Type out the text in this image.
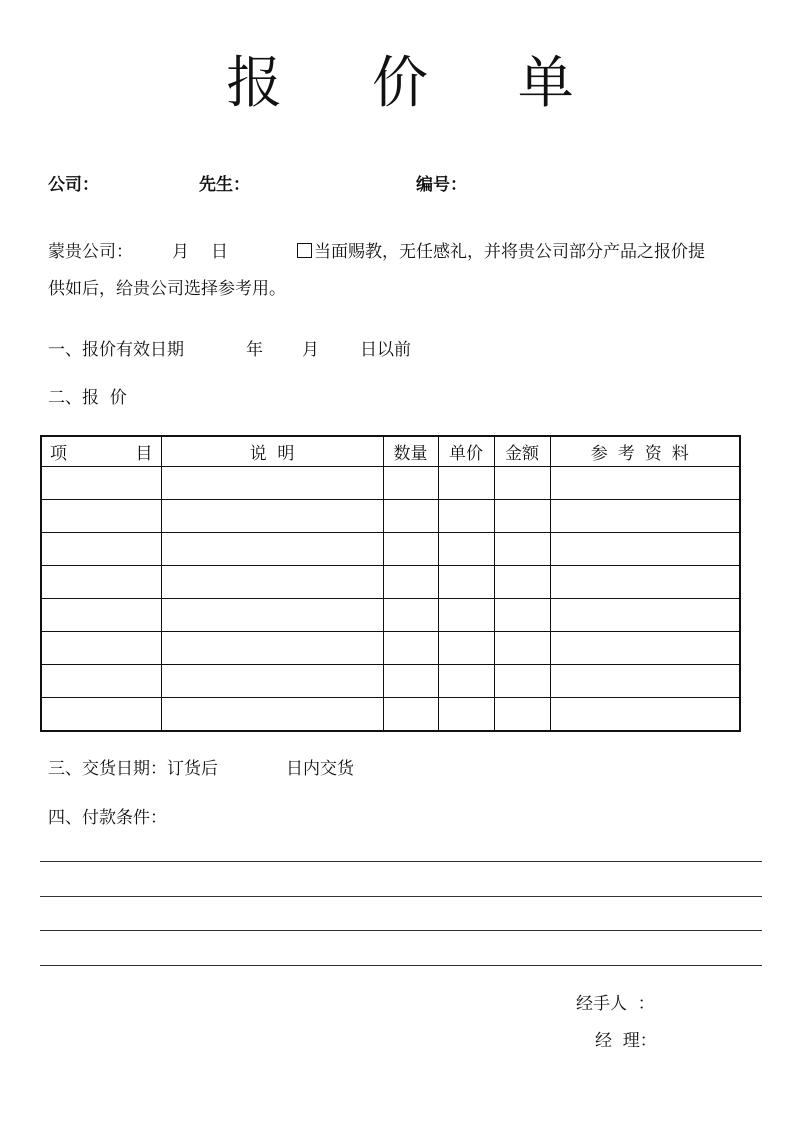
报 价 单
公司：	先生：	编号：
蒙贵公司： 月 日	当面赐教，无任感礼，并将贵公司部分产品之报价提
供如后，给贵公司选择参考用。
一、报价有效日期	年 月 日以前
二、报  价
项 目	说  明	数量	单价	金额	参考资料

三、交货日期：订货后	日内交货
四、付款条件：
经手人  ：
经  理：
